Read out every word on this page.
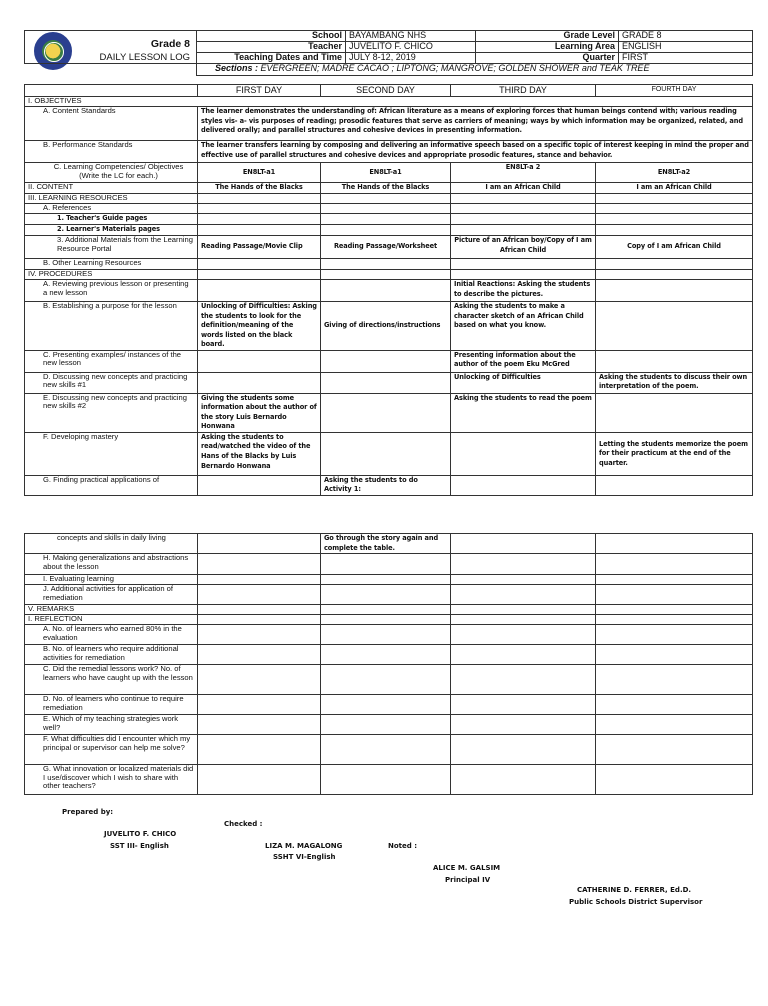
Grade 8
DAILY LESSON LOG	School	BAYAMBANG NHS	Grade Level	GRADE 8
	Teacher	JUVELITO F. CHICO	Learning Area	ENGLISH
	Teaching Dates and Time	JULY 8-12, 2019	Quarter	FIRST
	Sections : EVERGREEN; MADRE CACAO ; LIPTONG; MANGROVE; GOLDEN SHOWER and TEAK TREE			
	FIRST DAY	SECOND DAY	THIRD DAY	FOURTH DAY
I. OBJECTIVES				
A. Content Standards	The learner demonstrates the understanding of: African literature as a means of exploring forces that human beings contend with; various reading styles vis- a- vis purposes of reading; prosodic features that serve as carriers of meaning; ways by which information may be organized, related, and delivered orally; and parallel structures and cohesive devices in presenting information.			
B. Performance Standards	The learner transfers learning by composing and delivering an informative speech based on a specific topic of interest keeping in mind the proper and effective use of parallel structures and cohesive devices and appropriate prosodic features, stance and behavior.			
C. Learning Competencies/ Objectives (Write the LC for each.)	EN8LT-a1	EN8LT-a1	EN8LT-a 2	EN8LT-a2
II. CONTENT	The Hands of the Blacks	The Hands of the Blacks	I am an African Child	I am an African Child
III. LEARNING RESOURCES				
A. References				
1. Teacher's Guide pages				
2. Learner's Materials pages				
3. Additional Materials from the Learning Resource Portal	Reading Passage/Movie Clip	Reading Passage/Worksheet	Picture of an African boy/Copy of I am African Child	Copy of I am African Child
B. Other Learning Resources				
IV. PROCEDURES				
A. Reviewing previous lesson or presenting a new lesson			Initial Reactions: Asking the students to describe the pictures.	
B. Establishing a purpose for the lesson	Unlocking of Difficulties: Asking the students to look for the definition/meaning of the words listed on the black board.	Giving of directions/instructions	Asking the students to make a character sketch of an African Child based on what you know.	
C. Presenting examples/ instances of the new lesson			Presenting information about the author of the poem Eku McGred	
D. Discussing new concepts and practicing new skills #1			Unlocking of Difficulties	Asking the students to discuss their own interpretation of the poem.
E. Discussing new concepts and practicing new skills #2	Giving the students some information about the author of the story Luis Bernardo Honwana		Asking the students to read the poem	
F. Developing mastery	Asking the students to read/watched the video of the Hans of the Blacks by Luis Bernardo Honwana			Letting the students memorize the poem for their practicum at the end of the quarter.
G. Finding practical applications of		Asking the students to do Activity 1:		
concepts and skills in daily living		Go through the story again and complete the table.		
H. Making generalizations and abstractions about the lesson				
I. Evaluating learning				
J. Additional activities for application of remediation				
V. REMARKS				
I. REFLECTION				
A. No. of learners who earned 80% in the evaluation				
B. No. of learners who require additional activities for remediation				
C. Did the remedial lessons work? No. of learners who have caught up with the lesson				
D. No. of learners who continue to require remediation				
E. Which of my teaching strategies work well?				
F. What difficulties did I encounter which my principal or supervisor can help me solve?				
G. What innovation or localized materials did I use/discover which I wish to share with other teachers?				
Prepared by:
JUVELITO F. CHICO
SST III- English
Checked :
LIZA M. MAGALONG
SSHT VI-English
Noted :
ALICE M. GALSIM
Principal IV
CATHERINE D. FERRER, Ed.D.
Public Schools District Supervisor
